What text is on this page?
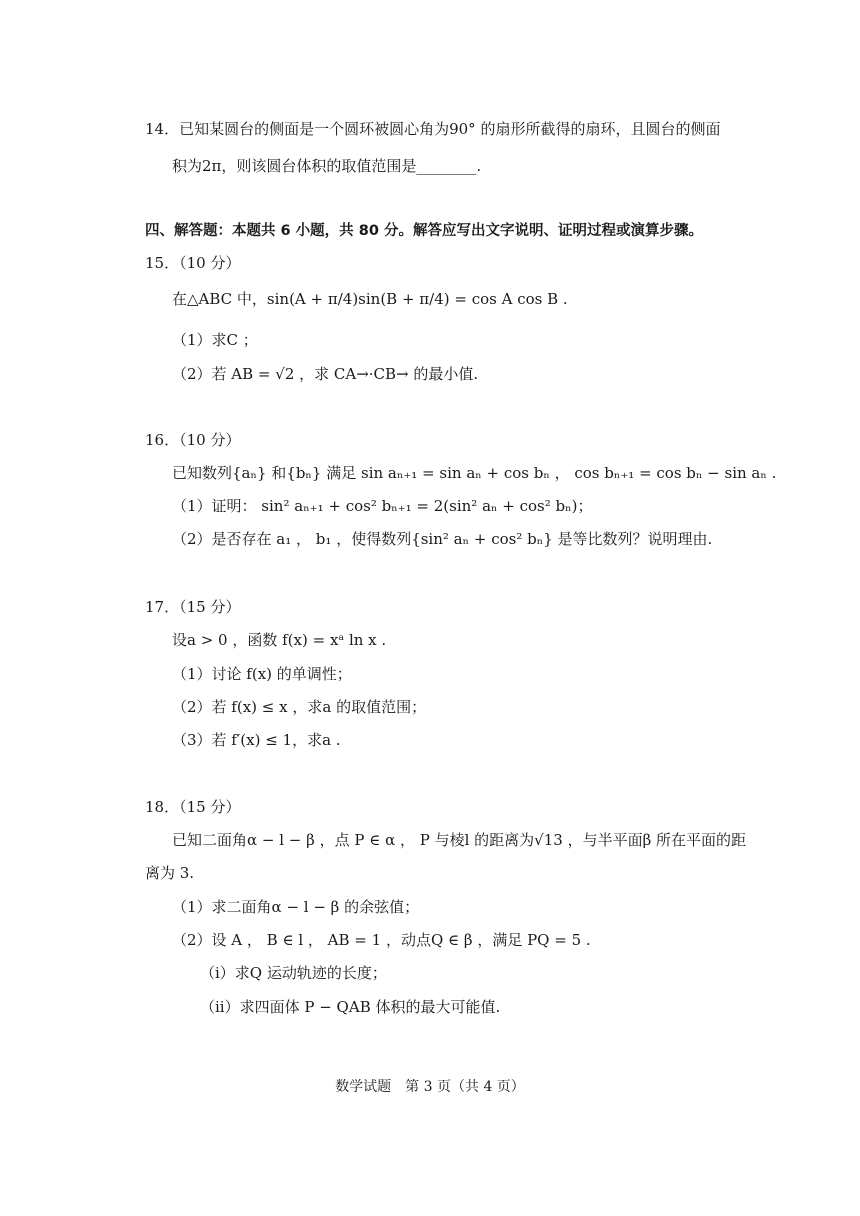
14．已知某圆台的侧面是一个圆环被圆心角为90° 的扇形所截得的扇环，且圆台的侧面
积为2π，则该圆台体积的取值范围是________.
四、解答题：本题共 6 小题，共 80 分。解答应写出文字说明、证明过程或演算步骤。
15．（10 分）
在△ABC 中，sin(A + π/4)sin(B + π/4) = cos A cos B .
（1）求C ；
（2）若 AB = √2 ，求 CA→·CB→ 的最小值.
16．（10 分）
已知数列{aₙ} 和{bₙ} 满足 sin aₙ₊₁ = sin aₙ + cos bₙ ， cos bₙ₊₁ = cos bₙ − sin aₙ .
（1）证明： sin² aₙ₊₁ + cos² bₙ₊₁ = 2(sin² aₙ + cos² bₙ)；
（2）是否存在 a₁ ， b₁ ，使得数列{sin² aₙ + cos² bₙ} 是等比数列？说明理由.
17．（15 分）
设a > 0 ，函数 f(x) = xᵃ ln x .
（1）讨论 f(x) 的单调性；
（2）若 f(x) ≤ x ，求a 的取值范围；
（3）若 f′(x) ≤ 1，求a .
18．（15 分）
已知二面角α − l − β ，点 P ∈ α ， P 与棱l 的距离为√13 ，与半平面β 所在平面的距
离为 3.
（1）求二面角α − l − β 的余弦值；
（2）设 A ， B ∈ l ， AB = 1 ，动点Q ∈ β ，满足 PQ = 5 .
（i）求Q 运动轨迹的长度；
（ii）求四面体 P − QAB 体积的最大可能值.
数学试题　第 3 页（共 4 页）
